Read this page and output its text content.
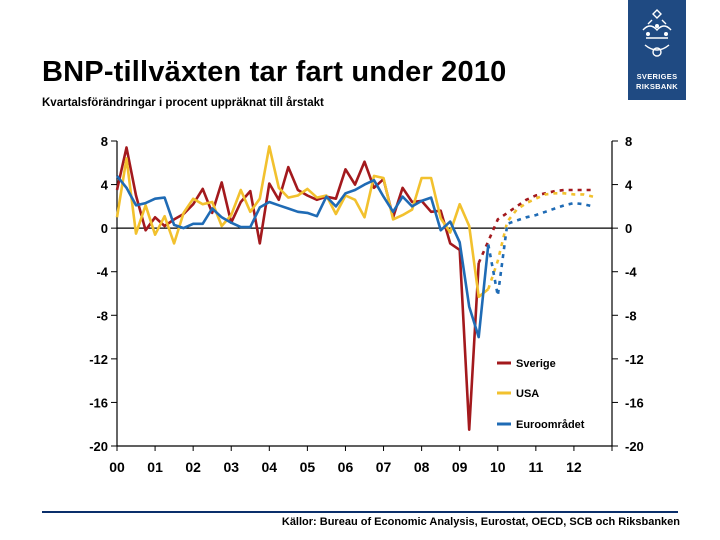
BNP-tillväxten tar fart under 2010
Kvartalsförändringar i procent uppräknat till årstakt
SVERIGES
RIKSBANK
8	8
4	4
0	0
-4	-4
-8	-8
-12	-12
-16	-16
-20	-20
00 01 02 03 04 05 06 07 08 09 10 11 12
Sverige
USA
Euroområdet
Källor: Bureau of Economic Analysis, Eurostat, OECD, SCB och Riksbanken
